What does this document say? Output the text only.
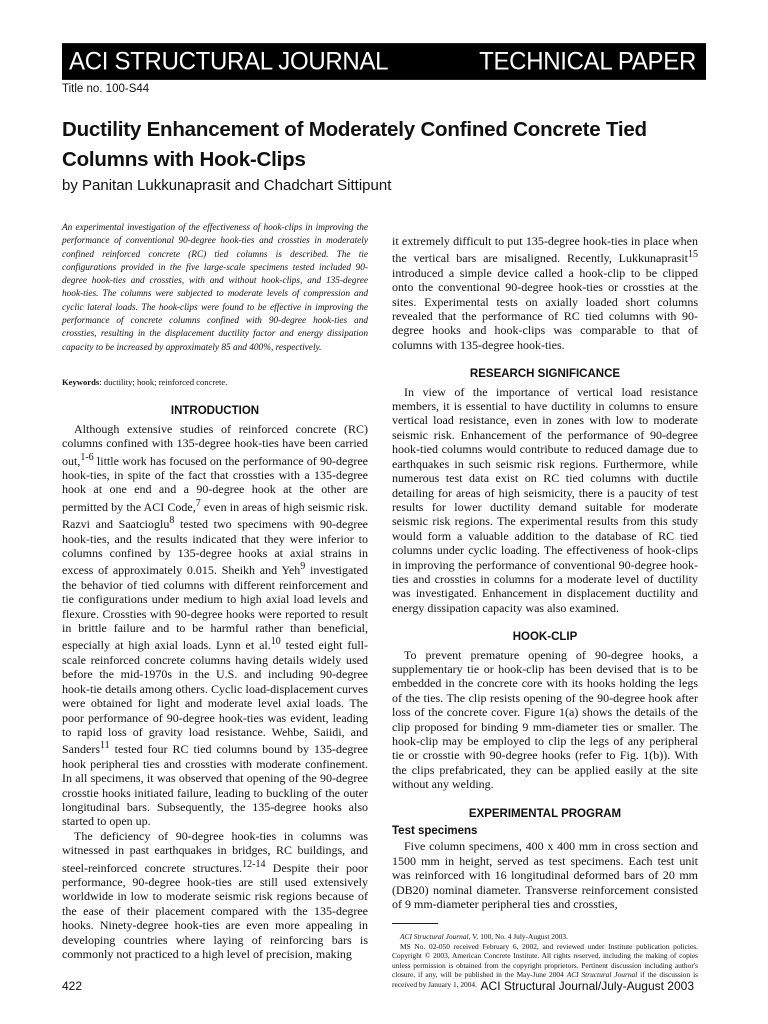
ACI STRUCTURAL JOURNAL	TECHNICAL PAPER
Title no. 100-S44
Ductility Enhancement of Moderately Confined Concrete Tied Columns with Hook-Clips
by Panitan Lukkunaprasit and Chadchart Sittipunt

An experimental investigation of the effectiveness of hook-clips in improving the performance of conventional 90-degree hook-ties and crossties in moderately confined reinforced concrete (RC) tied columns is described. The tie configurations provided in the five large-scale specimens tested included 90-degree hook-ties and crossties, with and without hook-clips, and 135-degree hook-ties. The columns were subjected to moderate levels of compression and cyclic lateral loads. The hook-clips were found to be effective in improving the performance of concrete columns confined with 90-degree hook-ties and crossties, resulting in the displacement ductility factor and energy dissipation capacity to be increased by approximately 85 and 400%, respectively.

Keywords: ductility; hook; reinforced concrete.

INTRODUCTION

Although extensive studies of reinforced concrete (RC) columns confined with 135-degree hook-ties have been carried out,$^{1-6}$ little work has focused on the performance of 90-degree hook-ties, in spite of the fact that crossties with a 135-degree hook at one end and a 90-degree hook at the other are permitted by the ACI Code,$^7$ even in areas of high seismic risk. Razvi and Saatcioglu$^8$ tested two specimens with 90-degree hook-ties, and the results indicated that they were inferior to columns confined by 135-degree hooks at axial strains in excess of approximately 0.015. Sheikh and Yeh$^9$ investigated the behavior of tied columns with different reinforcement and tie configurations under medium to high axial load levels and flexure. Crossties with 90-degree hooks were reported to result in brittle failure and to be harmful rather than beneficial, especially at high axial loads. Lynn et al.$^{10}$ tested eight full-scale reinforced concrete columns having details widely used before the mid-1970s in the U.S. and including 90-degree hook-tie details among others. Cyclic load-displacement curves were obtained for light and moderate level axial loads. The poor performance of 90-degree hook-ties was evident, leading to rapid loss of gravity load resistance. Wehbe, Saiidi, and Sanders$^{11}$ tested four RC tied columns bound by 135-degree hook peripheral ties and crossties with moderate confinement. In all specimens, it was observed that opening of the 90-degree crosstie hooks initiated failure, leading to buckling of the outer longitudinal bars. Subsequently, the 135-degree hooks also started to open up.

The deficiency of 90-degree hook-ties in columns was witnessed in past earthquakes in bridges, RC buildings, and steel-reinforced concrete structures.$^{12-14}$ Despite their poor performance, 90-degree hook-ties are still used extensively worldwide in low to moderate seismic risk regions because of the ease of their placement compared with the 135-degree hooks. Ninety-degree hook-ties are even more appealing in developing countries where laying of reinforcing bars is commonly not practiced to a high level of precision, making

it extremely difficult to put 135-degree hook-ties in place when the vertical bars are misaligned. Recently, Lukkunaprasit$^{15}$ introduced a simple device called a hook-clip to be clipped onto the conventional 90-degree hook-ties or crossties at the sites. Experimental tests on axially loaded short columns revealed that the performance of RC tied columns with 90-degree hooks and hook-clips was comparable to that of columns with 135-degree hook-ties.

RESEARCH SIGNIFICANCE

In view of the importance of vertical load resistance members, it is essential to have ductility in columns to ensure vertical load resistance, even in zones with low to moderate seismic risk. Enhancement of the performance of 90-degree hook-tied columns would contribute to reduced damage due to earthquakes in such seismic risk regions. Furthermore, while numerous test data exist on RC tied columns with ductile detailing for areas of high seismicity, there is a paucity of test results for lower ductility demand suitable for moderate seismic risk regions. The experimental results from this study would form a valuable addition to the database of RC tied columns under cyclic loading. The effectiveness of hook-clips in improving the performance of conventional 90-degree hook-ties and crossties in columns for a moderate level of ductility was investigated. Enhancement in displacement ductility and energy dissipation capacity was also examined.

HOOK-CLIP

To prevent premature opening of 90-degree hooks, a supplementary tie or hook-clip has been devised that is to be embedded in the concrete core with its hooks holding the legs of the ties. The clip resists opening of the 90-degree hook after loss of the concrete cover. Figure 1(a) shows the details of the clip proposed for binding 9 mm-diameter ties or smaller. The hook-clip may be employed to clip the legs of any peripheral tie or crosstie with 90-degree hooks (refer to Fig. 1(b)). With the clips prefabricated, they can be applied easily at the site without any welding.

EXPERIMENTAL PROGRAM
Test specimens

Five column specimens, 400 x 400 mm in cross section and 1500 mm in height, served as test specimens. Each test unit was reinforced with 16 longitudinal deformed bars of 20 mm (DB20) nominal diameter. Transverse reinforcement consisted of 9 mm-diameter peripheral ties and crossties,

ACI Structural Journal, V. 100, No. 4 July-August 2003.

MS No. 02-050 received February 6, 2002, and reviewed under Institute publication policies. Copyright © 2003, American Concrete Institute. All rights reserved, including the making of copies unless permission is obtained from the copyright proprietors. Pertinent discussion including author's closure, if any, will be published in the May-June 2004 ACI Structural Journal if the discussion is received by January 1, 2004.

422	ACI Structural Journal/July-August 2003
